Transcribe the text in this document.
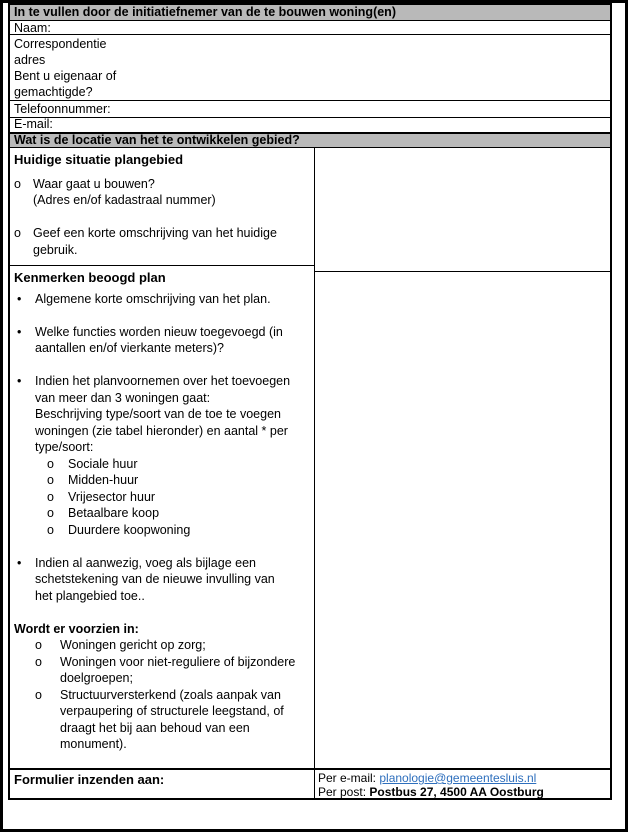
In te vullen door de initiatiefnemer van de te bouwen woning(en)
Naam:
Correspondentie
adres
Bent u eigenaar of
gemachtigde?
Telefoonnummer:
E-mail:
Wat is de locatie van het te ontwikkelen gebied?
Huidige situatie plangebied
o Waar gaat u bouwen?
(Adres en/of kadastraal nummer)
o Geef een korte omschrijving van het huidige
gebruik.
Kenmerken beoogd plan
•	Algemene korte omschrijving van het plan.
•	Welke functies worden nieuw toegevoegd (in
aantallen en/of vierkante meters)?
•	Indien het planvoornemen over het toevoegen
van meer dan 3 woningen gaat:
Beschrijving type/soort van de toe te voegen
woningen (zie tabel hieronder) en aantal * per
type/soort:
o	Sociale huur
o	Midden-huur
o	Vrijesector huur
o	Betaalbare koop
o	Duurdere koopwoning
•	Indien al aanwezig, voeg als bijlage een
schetstekening van de nieuwe invulling van
het plangebied toe..
Wordt er voorzien in:
o	Woningen gericht op zorg;
o	Woningen voor niet-reguliere of bijzondere
doelgroepen;
o	Structuurversterkend (zoals aanpak van
verpaupering of structurele leegstand, of
draagt het bij aan behoud van een
monument).
Formulier inzenden aan:	Per e-mail: planologie@gemeentesluis.nl
Per post: Postbus 27, 4500 AA Oostburg
